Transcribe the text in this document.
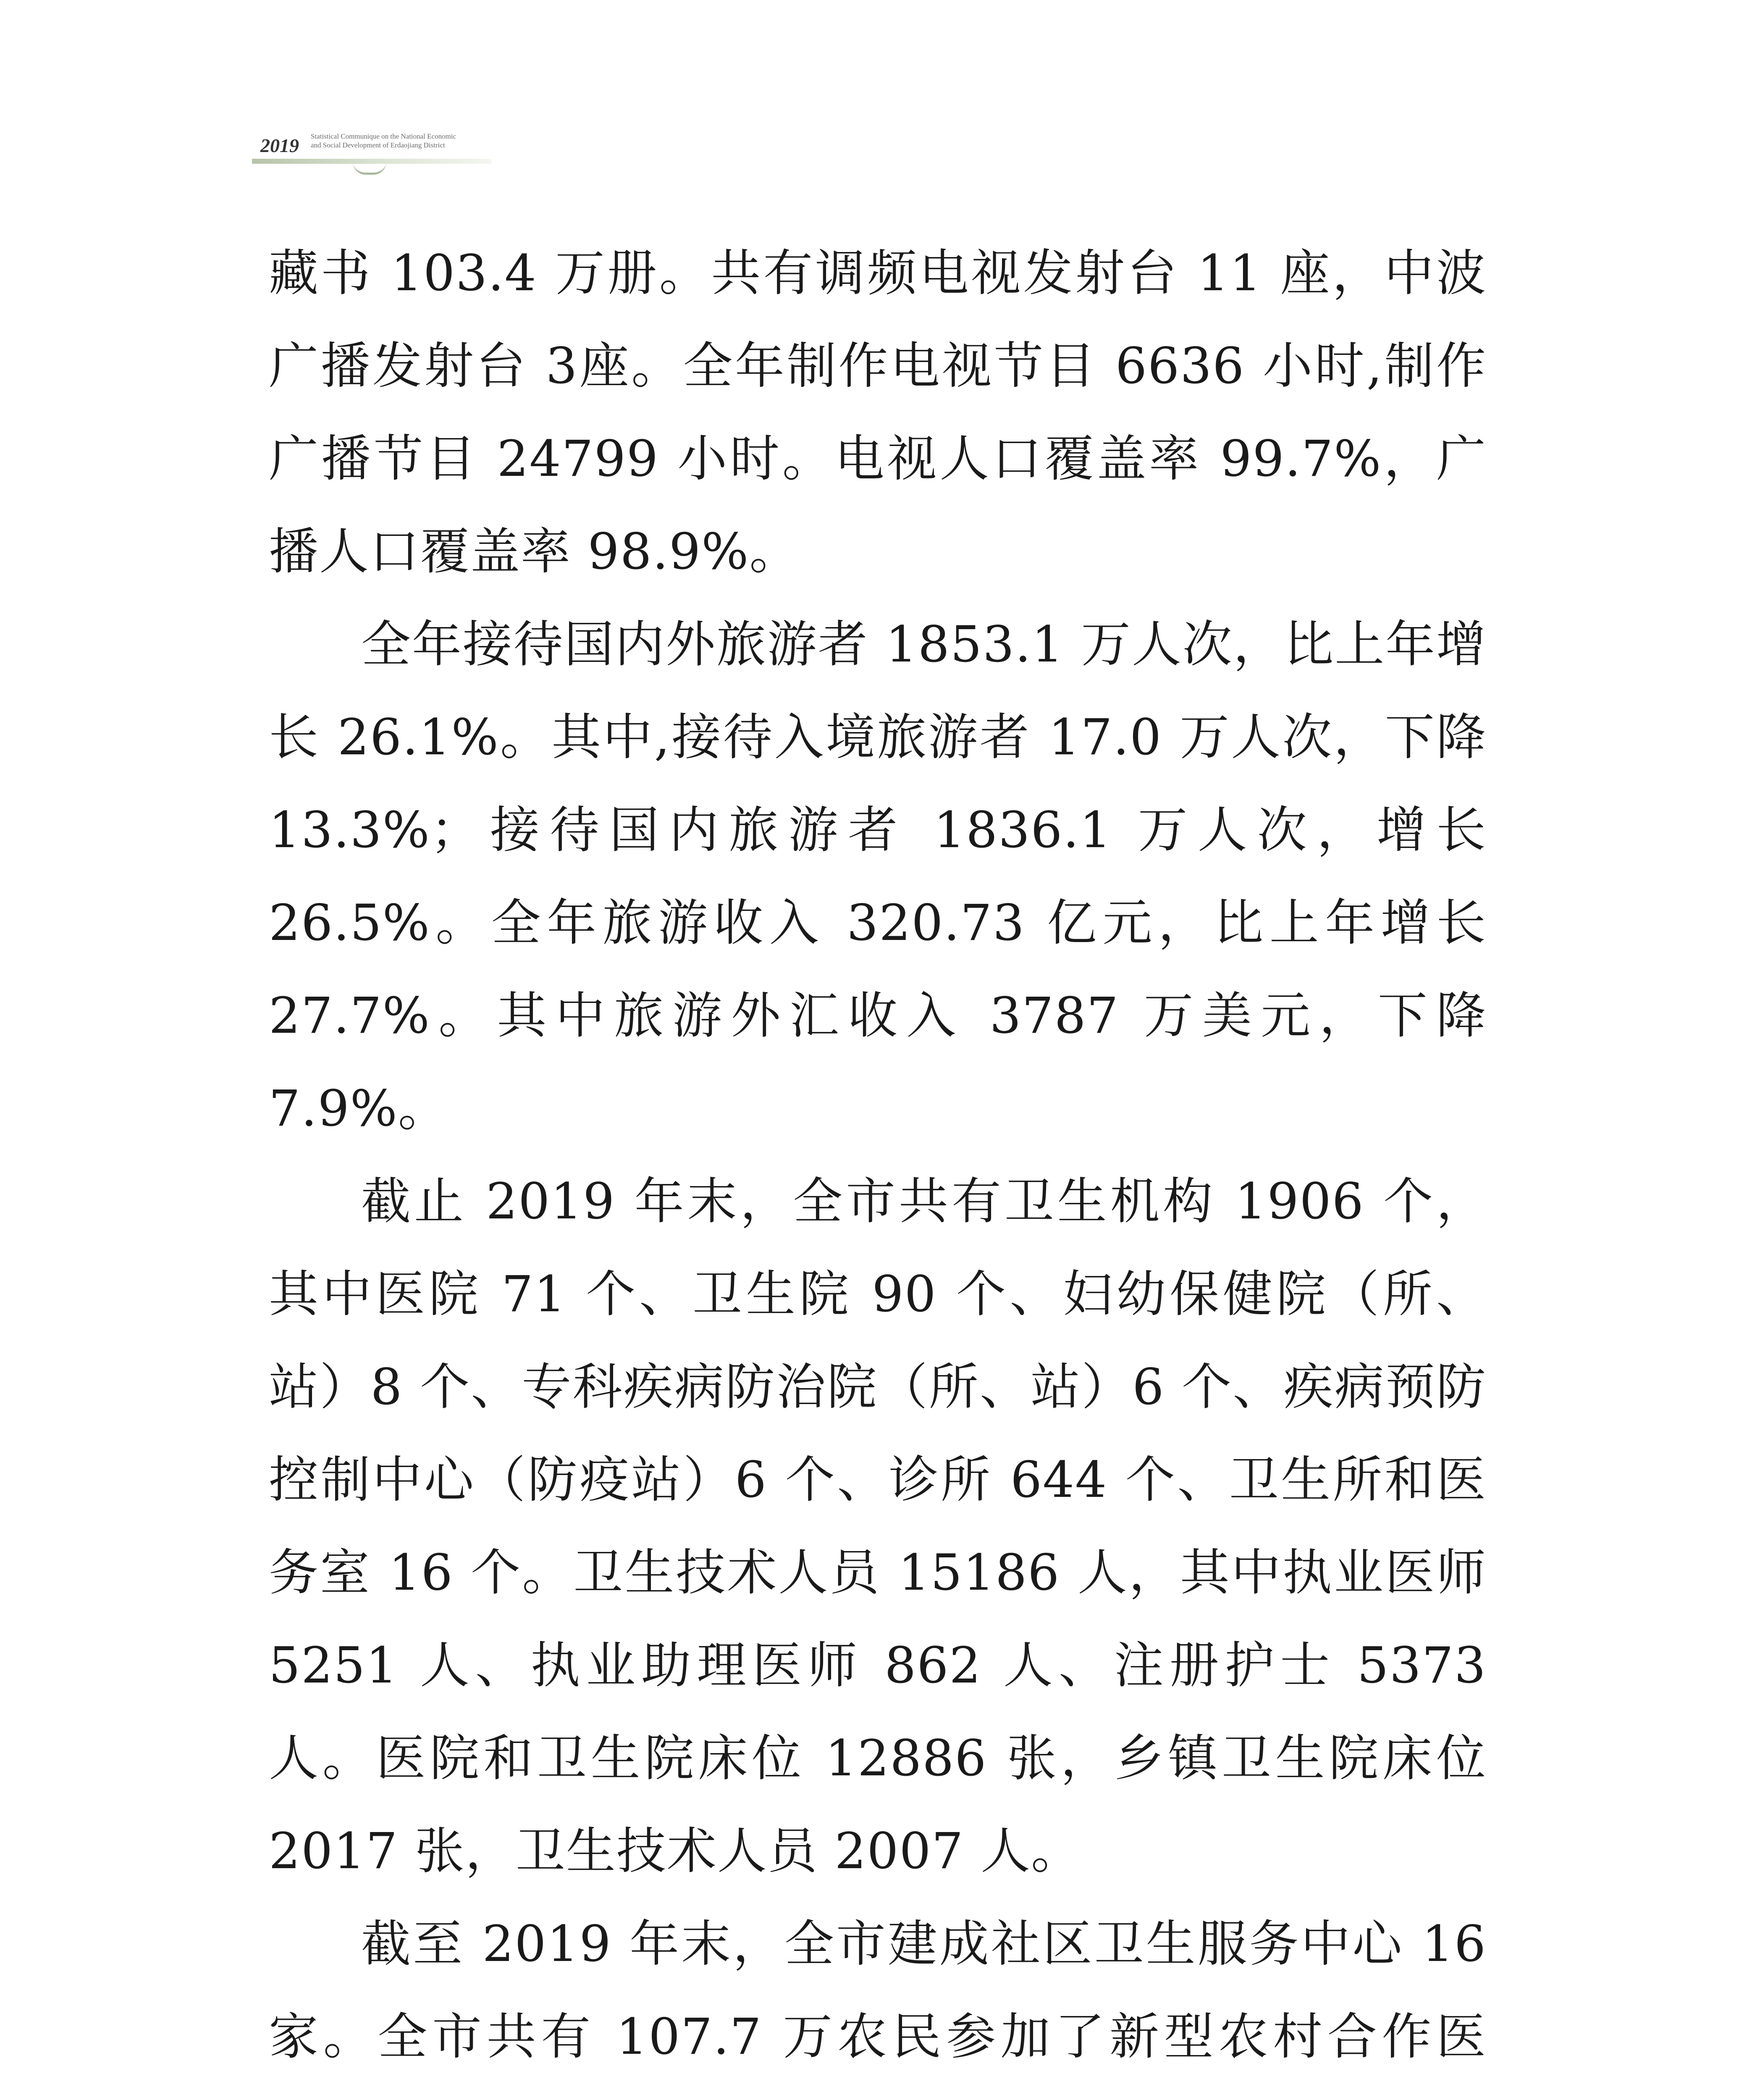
2019 Statistical Communique on the National Economic
and Social Development of Erdaojiang District

藏书 103.4 万册。共有调频电视发射台 11 座，中波广播发射台 3座。全年制作电视节目 6636 小时,制作广播节目 24799 小时。电视人口覆盖率 99.7%，广播人口覆盖率 98.9%。

全年接待国内外旅游者 1853.1 万人次，比上年增长 26.1%。其中,接待入境旅游者 17.0 万人次，下降 13.3%；接待国内旅游者 1836.1 万人次，增长 26.5%。全年旅游收入 320.73 亿元，比上年增长 27.7%。其中旅游外汇收入 3787 万美元，下降 7.9%。

截止 2019 年末，全市共有卫生机构 1906 个，其中医院 71 个、卫生院 90 个、妇幼保健院（所、站）8 个、专科疾病防治院（所、站）6 个、疾病预防控制中心（防疫站）6 个、诊所 644 个、卫生所和医务室 16 个。卫生技术人员 15186 人，其中执业医师 5251 人、执业助理医师 862 人、注册护士 5373 人。医院和卫生院床位 12886 张，乡镇卫生院床位 2017 张，卫生技术人员 2007 人。

截至 2019 年末，全市建成社区卫生服务中心 16 家。全市共有 107.7 万农民参加了新型农村合作医
